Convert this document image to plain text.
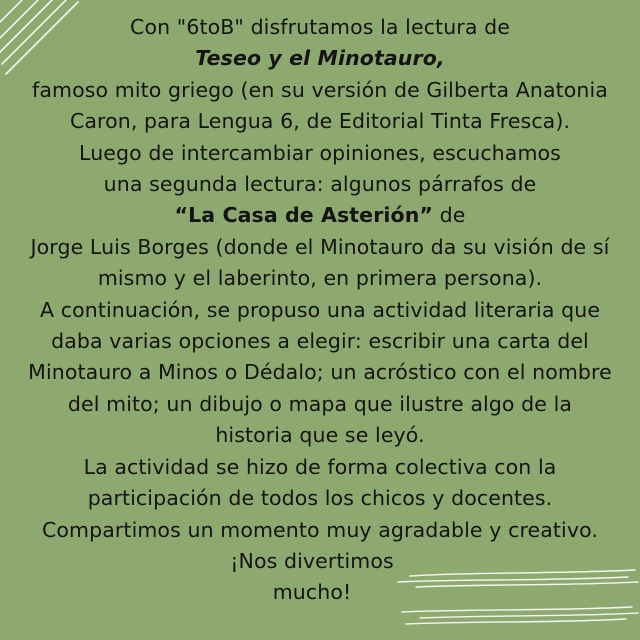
Con "6toB" disfrutamos la lectura de
Teseo y el Minotauro,
famoso mito griego (en su versión de Gilberta Anatonia
Caron, para Lengua 6, de Editorial Tinta Fresca).
Luego de intercambiar opiniones, escuchamos
una segunda lectura: algunos párrafos de
“La Casa de Asterión” de
Jorge Luis Borges (donde el Minotauro da su visión de sí
mismo y el laberinto, en primera persona).
A continuación, se propuso una actividad literaria que
daba varias opciones a elegir: escribir una carta del
Minotauro a Minos o Dédalo; un acróstico con el nombre
del mito; un dibujo o mapa que ilustre algo de la
historia que se leyó.
La actividad se hizo de forma colectiva con la
participación de todos los chicos y docentes.
Compartimos un momento muy agradable y creativo.
¡Nos divertimos
mucho!
